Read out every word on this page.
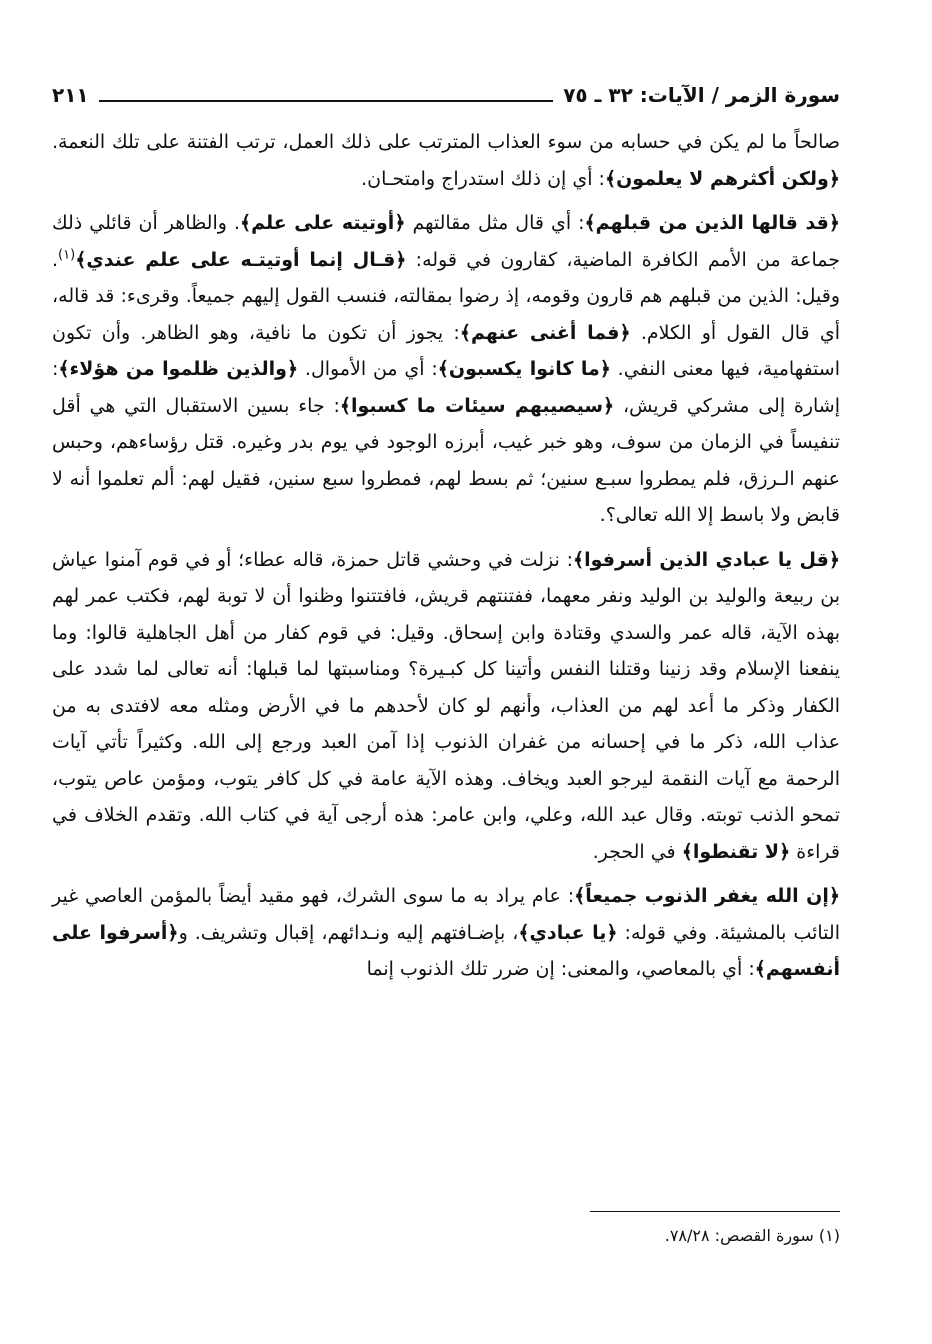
سورة الزمر / الآيات: ٣٢ ـ ٧٥
٢١١

صالحاً ما لم يكن في حسابه من سوء العذاب المترتب على ذلك العمل، ترتب الفتنة على تلك النعمة. ﴿ولكن أكثرهم لا يعلمون﴾: أي إن ذلك استدراج وامتحـان.

﴿قد قالها الذين من قبلهم﴾: أي قال مثل مقالتهم ﴿أوتيته على علم﴾. والظاهر أن قائلي ذلك جماعة من الأمم الكافرة الماضية، كقارون في قوله: ﴿قـال إنما أوتيتـه على علم عندي﴾$^{(١)}$. وقيل: الذين من قبلهم هم قارون وقومه، إذ رضوا بمقالته، فنسب القول إليهم جميعاً. وقرىء: قد قاله، أي قال القول أو الكلام. ﴿فما أغنى عنهم﴾: يجوز أن تكون ما نافية، وهو الظاهر. وأن تكون استفهامية، فيها معنى النفي. ﴿ما كانوا يكسبون﴾: أي من الأموال. ﴿والذين ظلموا من هؤلاء﴾: إشارة إلى مشركي قريش، ﴿سيصيبهم سيئات ما كسبوا﴾: جاء بسين الاستقبال التي هي أقل تنفيساً في الزمان من سوف، وهو خبر غيب، أبرزه الوجود في يوم بدر وغيره. قتل رؤساءهم، وحبس عنهم الـرزق، فلم يمطروا سبـع سنين؛ ثم بسط لهم، فمطروا سبع سنين، فقيل لهم: ألم تعلموا أنه لا قابض ولا باسط إلا الله تعالى؟.

﴿قل يا عبادي الذين أسرفوا﴾: نزلت في وحشي قاتل حمزة، قاله عطاء؛ أو في قوم آمنوا عياش بن ربيعة والوليد بن الوليد ونفر معهما، ففتنتهم قريش، فافتتنوا وظنوا أن لا توبة لهم، فكتب عمر لهم بهذه الآية، قاله عمر والسدي وقتادة وابن إسحاق. وقيل: في قوم كفار من أهل الجاهلية قالوا: وما ينفعنا الإسلام وقد زنينا وقتلنا النفس وأتينا كل كبـيرة؟ ومناسبتها لما قبلها: أنه تعالى لما شدد على الكفار وذكر ما أعد لهم من العذاب، وأنهم لو كان لأحدهم ما في الأرض ومثله معه لافتدى به من عذاب الله، ذكر ما في إحسانه من غفران الذنوب إذا آمن العبد ورجع إلى الله. وكثيراً تأتي آيات الرحمة مع آيات النقمة ليرجو العبد ويخاف. وهذه الآية عامة في كل كافر يتوب، ومؤمن عاص يتوب، تمحو الذنب توبته. وقال عبد الله، وعلي، وابن عامر: هذه أرجى آية في كتاب الله. وتقدم الخلاف في قراءة ﴿لا تقنطوا﴾ في الحجر.

﴿إن الله يغفر الذنوب جميعاً﴾: عام يراد به ما سوى الشرك، فهو مقيد أيضاً بالمؤمن العاصي غير التائب بالمشيئة. وفي قوله: ﴿يا عبادي﴾، بإضـافتهم إليه ونـدائهم، إقبال وتشريف. و﴿أسرفوا على أنفسهم﴾: أي بالمعاصي، والمعنى: إن ضرر تلك الذنوب إنما

(١) سورة القصص: ٧٨/٢٨.
